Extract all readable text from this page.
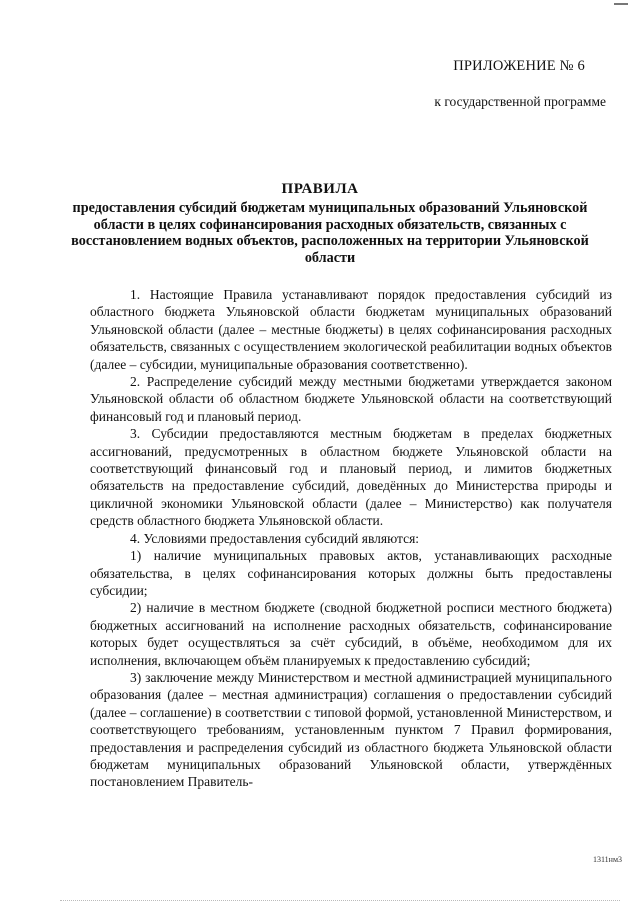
ПРИЛОЖЕНИЕ № 6
к государственной программе
ПРАВИЛА
предоставления субсидий бюджетам муниципальных образований Ульяновской области в целях софинансирования расходных обязательств, связанных с восстановлением водных объектов, расположенных на территории Ульяновской области

1. Настоящие Правила устанавливают порядок предоставления субсидий из областного бюджета Ульяновской области бюджетам муниципальных образований Ульяновской области (далее – местные бюджеты) в целях софинансирования расходных обязательств, связанных с осуществлением экологической реабилитации водных объектов (далее – субсидии, муниципальные образования соответственно).

2. Распределение субсидий между местными бюджетами утверждается законом Ульяновской области об областном бюджете Ульяновской области на соответствующий финансовый год и плановый период.

3. Субсидии предоставляются местным бюджетам в пределах бюджетных ассигнований, предусмотренных в областном бюджете Ульяновской области на соответствующий финансовый год и плановый период, и лимитов бюджетных обязательств на предоставление субсидий, доведённых до Министерства природы и цикличной экономики Ульяновской области (далее – Министерство) как получателя средств областного бюджета Ульяновской области.

4. Условиями предоставления субсидий являются:

1) наличие муниципальных правовых актов, устанавливающих расходные обязательства, в целях софинансирования которых должны быть предоставлены субсидии;

2) наличие в местном бюджете (сводной бюджетной росписи местного бюджета) бюджетных ассигнований на исполнение расходных обязательств, софинансирование которых будет осуществляться за счёт субсидий, в объёме, необходимом для их исполнения, включающем объём планируемых к предоставлению субсидий;

3) заключение между Министерством и местной администрацией муниципального образования (далее – местная администрация) соглашения о предоставлении субсидий (далее – соглашение) в соответствии с типовой формой, установленной Министерством, и соответствующего требованиям, установленным пунктом 7 Правил формирования, предоставления и распределения субсидий из областного бюджета Ульяновской области бюджетам муниципальных образований Ульяновской области, утверждённых постановлением Правитель-

1311нм3
